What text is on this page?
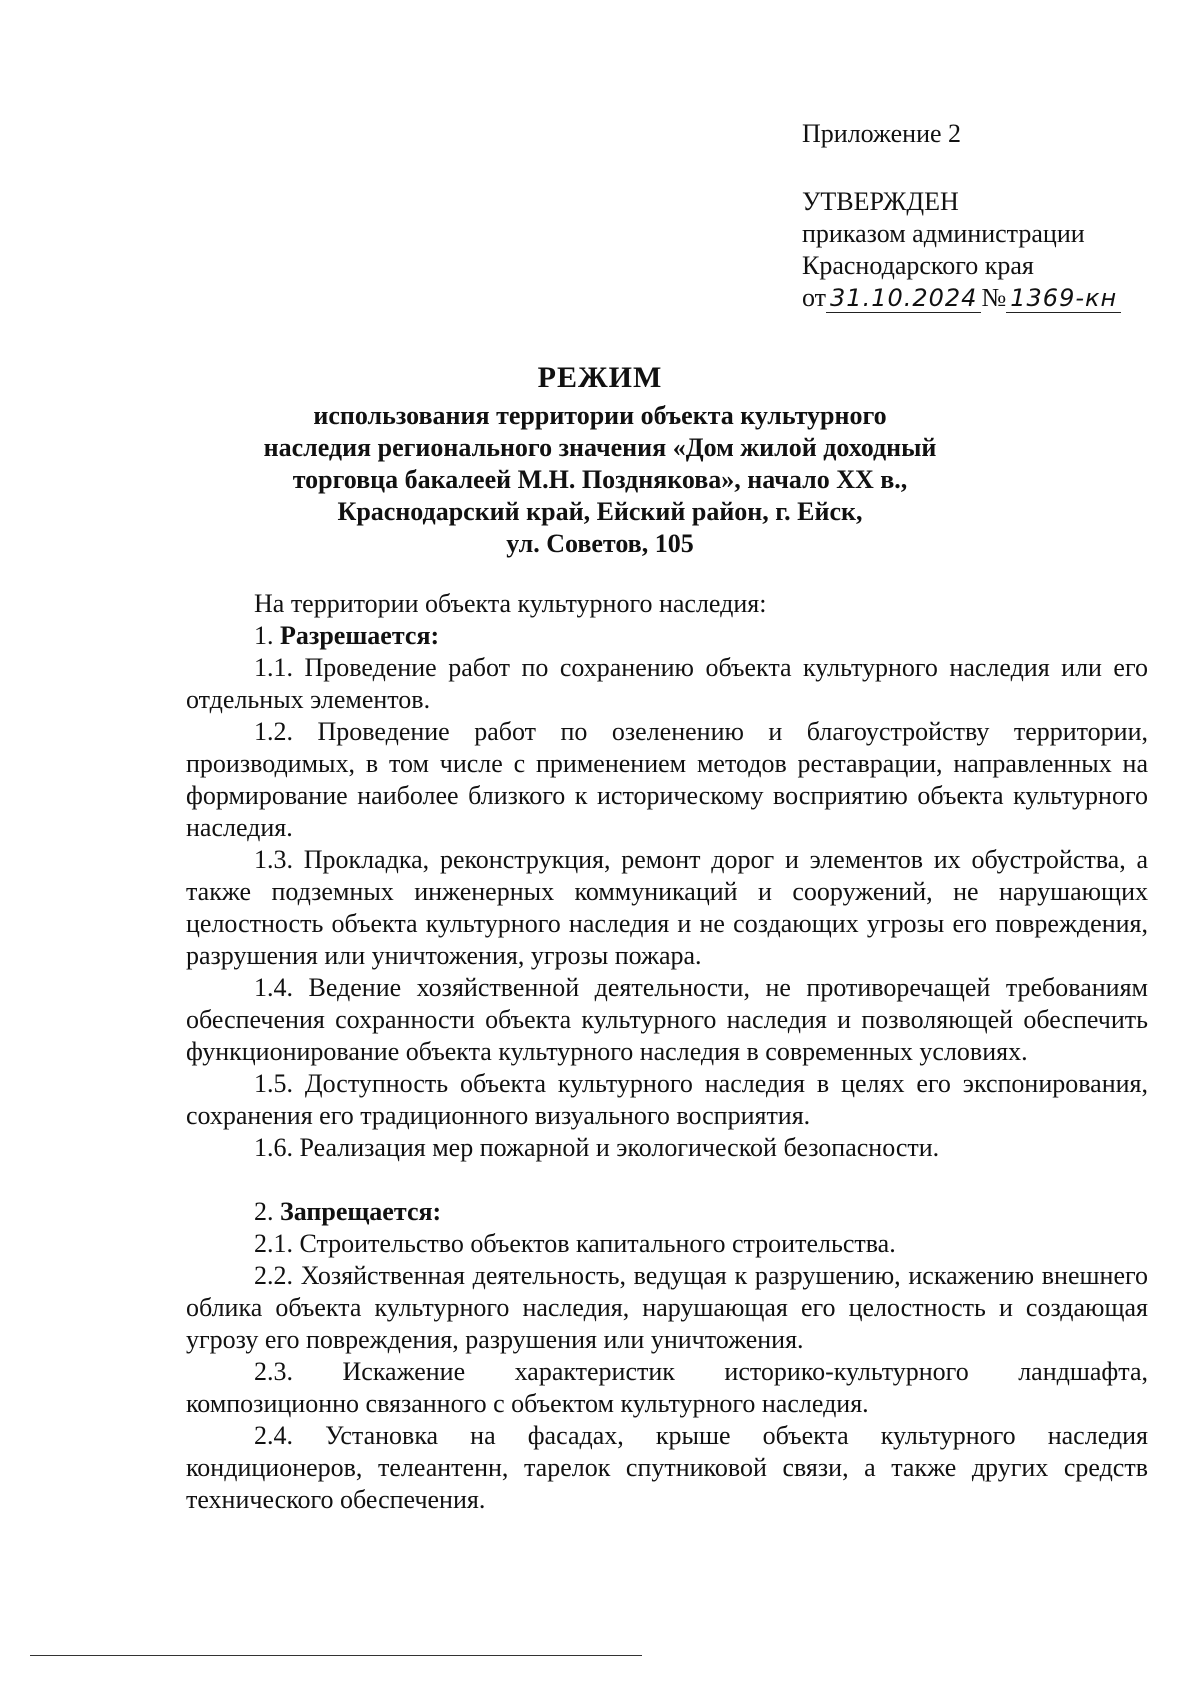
Приложение 2
УТВЕРЖДЕН
приказом администрации
Краснодарского края
от 31.10.2024 № 1369-кн
РЕЖИМ
использования территории объекта культурного
наследия регионального значения «Дом жилой доходный
торговца бакалеей М.Н. Позднякова», начало XX в.,
Краснодарский край, Ейский район, г. Ейск,
ул. Советов, 105

На территории объекта культурного наследия:

1. Разрешается:

1.1. Проведение работ по сохранению объекта культурного наследия или его отдельных элементов.

1.2. Проведение работ по озеленению и благоустройству территории, производимых, в том числе с применением методов реставрации, направленных на формирование наиболее близкого к историческому восприятию объекта культурного наследия.

1.3. Прокладка, реконструкция, ремонт дорог и элементов их обустройства, а также подземных инженерных коммуникаций и сооружений, не нарушающих целостность объекта культурного наследия и не создающих угрозы его повреждения, разрушения или уничтожения, угрозы пожара.

1.4. Ведение хозяйственной деятельности, не противоречащей требованиям обеспечения сохранности объекта культурного наследия и позволяющей обеспечить функционирование объекта культурного наследия в современных условиях.

1.5. Доступность объекта культурного наследия в целях его экспонирования, сохранения его традиционного визуального восприятия.

1.6. Реализация мер пожарной и экологической безопасности.

2. Запрещается:

2.1. Строительство объектов капитального строительства.

2.2. Хозяйственная деятельность, ведущая к разрушению, искажению внешнего облика объекта культурного наследия, нарушающая его целостность и создающая угрозу его повреждения, разрушения или уничтожения.

2.3. Искажение характеристик историко-культурного ландшафта, композиционно связанного с объектом культурного наследия.

2.4. Установка на фасадах, крыше объекта культурного наследия кондиционеров, телеантенн, тарелок спутниковой связи, а также других средств технического обеспечения.
